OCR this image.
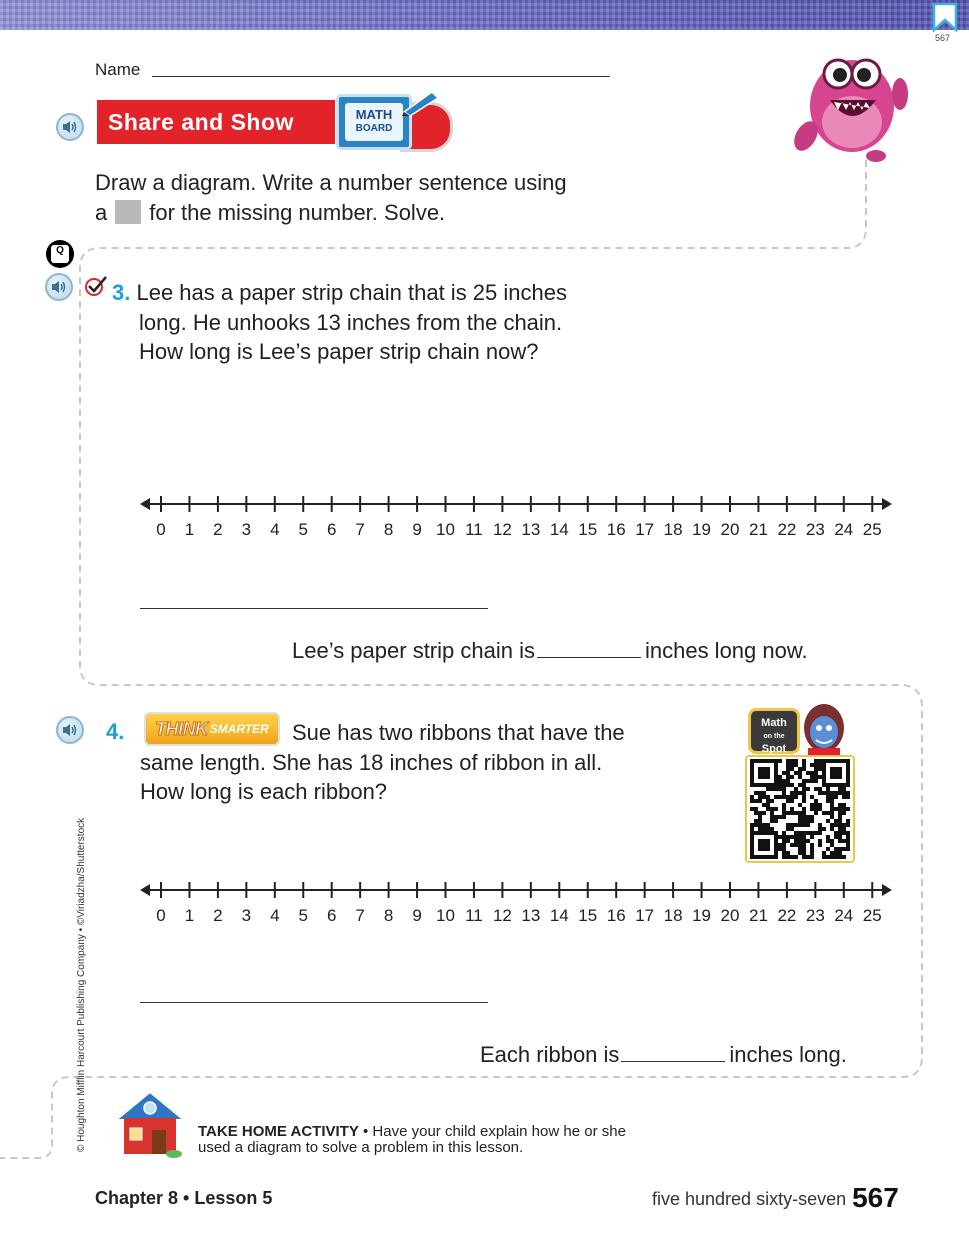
567
Name
Share and Show	MATH
BOARD
Draw a diagram. Write a number sentence using
a for the missing number. Solve.
Q
3. Lee has a paper strip chain that is 25 inches
long. He unhooks 13 inches from the chain.
How long is Lee’s paper strip chain now?
0 1 2 3 4 5 6 7 8 9 10 11 12 13 14 15 16 17 18 19 20 21 22 23 24 25
Lee’s paper strip chain is	inches long now.
4. THINK SMARTER	Sue has two ribbons that have the
same length. She has 18 inches of ribbon in all.
How long is each ribbon?
Math
on the
Spot
0 1 2 3 4 5 6 7 8 9 10 11 12 13 14 15 16 17 18 19 20 21 22 23 24 25
Each ribbon is	inches long.
© Houghton Mifflin Harcourt Publishing Company • ©Viriadzha/Shutterstock	TAKE HOME ACTIVITY • Have your child explain how he or she
used a diagram to solve a problem in this lesson.
Chapter 8 • Lesson 5	five hundred sixty-seven 567
